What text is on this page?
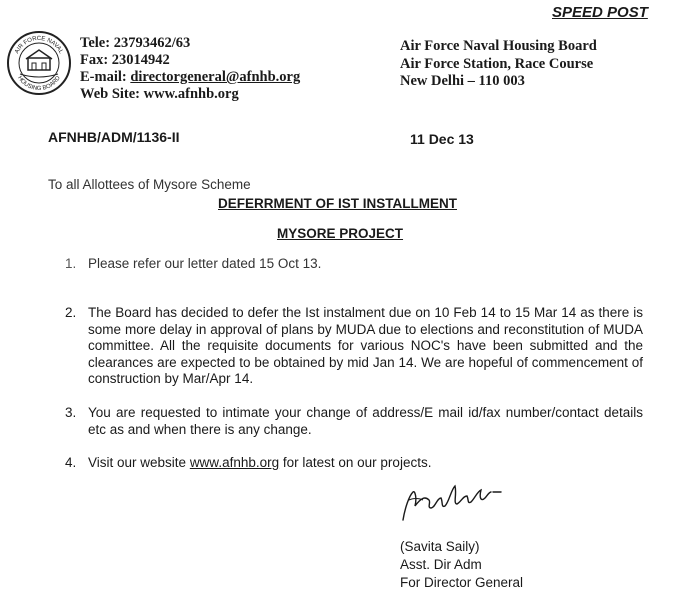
SPEED POST
AIR FORCE NAVAL
HOUSING BOARD
Tele: 23793462/63
Fax: 23014942
E-mail: directorgeneral@afnhb.org
Web Site: www.afnhb.org
Air Force Naval Housing Board
Air Force Station, Race Course
New Delhi – 110 003
AFNHB/ADM/1136-II	11 Dec 13
To all Allottees of Mysore Scheme
DEFERRMENT OF IST INSTALLMENT
MYSORE PROJECT
1. Please refer our letter dated 15 Oct 13.
2. The Board has decided to defer the Ist instalment due on 10 Feb 14 to 15 Mar 14 as there is some more delay in approval of plans by MUDA due to elections and reconstitution of MUDA committee. All the requisite documents for various NOC's have been submitted and the clearances are expected to be obtained by mid Jan 14. We are hopeful of commencement of construction by Mar/Apr 14.
3. You are requested to intimate your change of address/E mail id/fax number/contact details etc as and when there is any change.
4. Visit our website www.afnhb.org for latest on our projects.
(Savita Saily)
Asst. Dir Adm
For Director General
